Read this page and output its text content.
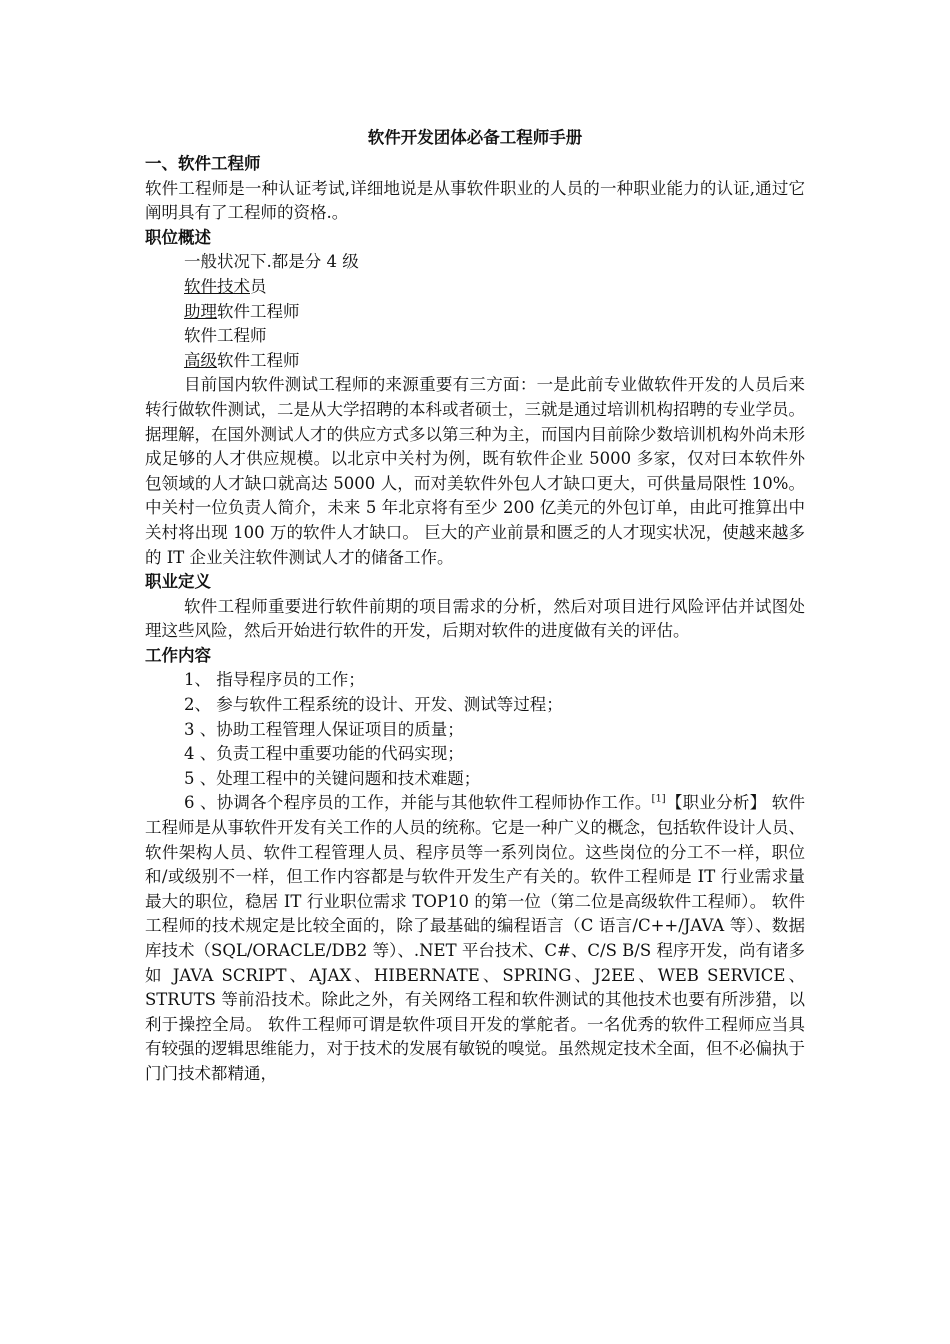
软件开发团体必备工程师手册

一、软件工程师

软件工程师是一种认证考试,详细地说是从事软件职业的人员的一种职业能力的认证,通过它阐明具有了工程师的资格.。

职位概述

一般状况下.都是分 4 级

软件技术员

助理软件工程师

软件工程师

高级软件工程师

目前国内软件测试工程师的来源重要有三方面：一是此前专业做软件开发的人员后来转行做软件测试，二是从大学招聘的本科或者硕士，三就是通过培训机构招聘的专业学员。据理解，在国外测试人才的供应方式多以第三种为主，而国内目前除少数培训机构外尚未形成足够的人才供应规模。以北京中关村为例，既有软件企业 5000 多家，仅对曰本软件外包领域的人才缺口就高达 5000 人，而对美软件外包人才缺口更大，可供量局限性 10%。中关村一位负责人简介，未来 5 年北京将有至少 200 亿美元的外包订单，由此可推算出中关村将出现 100 万的软件人才缺口。 巨大的产业前景和匮乏的人才现实状况，使越来越多的 IT 企业关注软件测试人才的储备工作。

职业定义

软件工程师重要进行软件前期的项目需求的分析，然后对项目进行风险评估并试图处理这些风险，然后开始进行软件的开发，后期对软件的进度做有关的评估。

工作内容

1、 指导程序员的工作；

2、 参与软件工程系统的设计、开发、测试等过程；

3 、协助工程管理人保证项目的质量；

4 、负责工程中重要功能的代码实现；

5 、处理工程中的关键问题和技术难题；

6 、协调各个程序员的工作，并能与其他软件工程师协作工作。[1]【职业分析】 软件工程师是从事软件开发有关工作的人员的统称。它是一种广义的概念，包括软件设计人员、软件架构人员、软件工程管理人员、程序员等一系列岗位。这些岗位的分工不一样，职位和/或级别不一样，但工作内容都是与软件开发生产有关的。软件工程师是 IT 行业需求量最大的职位，稳居 IT 行业职位需求 TOP10 的第一位（第二位是高级软件工程师）。 软件工程师的技术规定是比较全面的，除了最基础的编程语言（C 语言/C++/JAVA 等）、数据库技术（SQL/ORACLE/DB2 等）、.NET 平台技术、C#、C/S B/S 程序开发，尚有诸多如 JAVA SCRIPT、AJAX、HIBERNATE、SPRING、J2EE、WEB SERVICE、STRUTS 等前沿技术。除此之外，有关网络工程和软件测试的其他技术也要有所涉猎，以利于操控全局。 软件工程师可谓是软件项目开发的掌舵者。一名优秀的软件工程师应当具有较强的逻辑思维能力，对于技术的发展有敏锐的嗅觉。虽然规定技术全面，但不必偏执于门门技术都精通，
